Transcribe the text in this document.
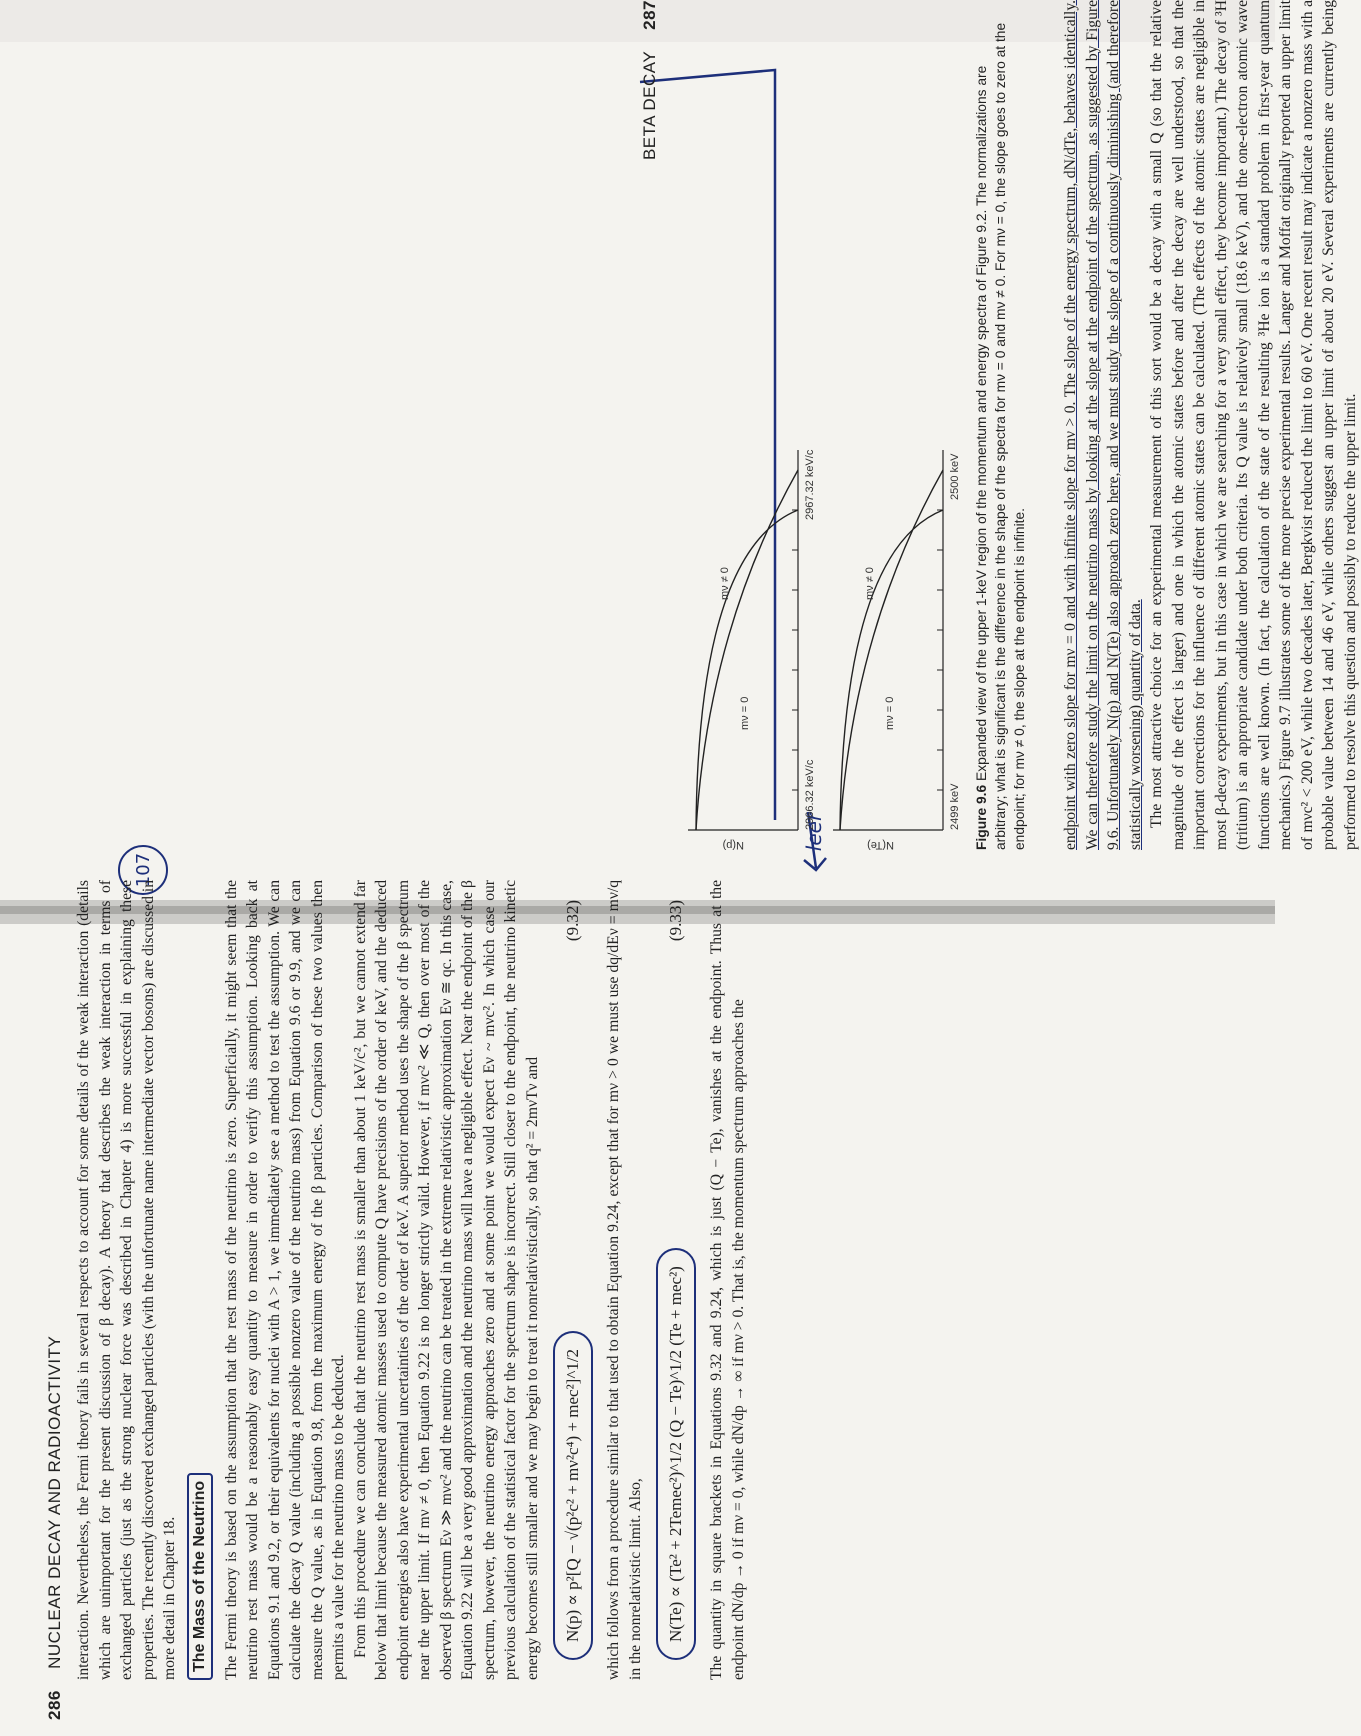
107
leer
286 NUCLEAR DECAY AND RADIOACTIVITY interaction. Nevertheless, the Fermi theory fails in several respects to account for some details of the weak interaction (details which are unimportant for the present discussion of β decay). A theory that describes the weak interaction in terms of exchanged particles (just as the strong nuclear force was described in Chapter 4) is more successful in explaining these properties. The recently discovered exchanged particles (with the unfortunate name intermediate vector bosons) are discussed in more detail in Chapter 18. The Mass of the Neutrino The Fermi theory is based on the assumption that the rest mass of the neutrino is zero. Superficially, it might seem that the neutrino rest mass would be a reasonably easy quantity to measure in order to verify this assumption. Looking back at Equations 9.1 and 9.2, or their equivalents for nuclei with A > 1, we immediately see a method to test the assumption. We can calculate the decay Q value (including a possible nonzero value of the neutrino mass) from Equation 9.6 or 9.9, and we can measure the Q value, as in Equation 9.8, from the maximum energy of the β particles. Comparison of these two values then permits a value for the neutrino mass to be deduced. From this procedure we can conclude that the neutrino rest mass is smaller than about 1 keV/c², but we cannot extend far below that limit because the measured atomic masses used to compute Q have precisions of the order of keV, and the deduced endpoint energies also have experimental uncertainties of the order of keV. A superior method uses the shape of the β spectrum near the upper limit. If mν ≠ 0, then Equation 9.22 is no longer strictly valid. However, if mνc² ≪ Q, then over most of the observed β spectrum Eν ≫ mνc² and the neutrino can be treated in the extreme relativistic approximation Eν ≅ qc. In this case, Equation 9.22 will be a very good approximation and the neutrino mass will have a negligible effect. Near the endpoint of the β spectrum, however, the neutrino energy approaches zero and at some point we would expect Eν ~ mνc². In which case our previous calculation of the statistical factor for the spectrum shape is incorrect. Still closer to the endpoint, the neutrino kinetic energy becomes still smaller and we may begin to treat it nonrelativistically, so that q² = 2mνTν and	N(p) ∝ p²[Q − √(p²c² + mν²c⁴) + mec²]^1/2
(9.32) which follows from a procedure similar to that used to obtain Equation 9.24, except that for mν > 0 we must use dq/dEν = mν/q in the nonrelativistic limit. Also,	N(Te) ∝ (Te² + 2Temec²)^1/2 (Q − Te)^1/2 (Te + mec²)
(9.33) The quantity in square brackets in Equations 9.32 and 9.24, which is just (Q − Te), vanishes at the endpoint. Thus at the endpoint dN/dp → 0 if mν = 0, while dN/dp → ∞ if mν > 0. That is, the momentum spectrum approaches the

BETA DECAY 287
N(p)
2966.32 keV/c
2967.32 keV/c
mν = 0
mν ≠ 0
N(Te)
2499 keV
2500 keV
mν = 0
mν ≠ 0
Figure 9.6 Expanded view of the upper 1-keV region of the momentum and energy spectra of Figure 9.2. The normalizations are arbitrary; what is significant is the difference in the shape of the spectra for mν = 0 and mν ≠ 0. For mν = 0, the slope goes to zero at the endpoint; for mν ≠ 0, the slope at the endpoint is infinite. endpoint with zero slope for mν = 0 and with infinite slope for mν > 0. The slope of the energy spectrum, dN/dTe, behaves identically. We can therefore study the limit on the neutrino mass by looking at the slope at the endpoint of the spectrum, as suggested by Figure 9.6. Unfortunately N(p) and N(Te) also approach zero here, and we must study the slope of a continuously diminishing (and therefore statistically worsening) quantity of data. The most attractive choice for an experimental measurement of this sort would be a decay with a small Q (so that the relative magnitude of the effect is larger) and one in which the atomic states before and after the decay are well understood, so that the important corrections for the influence of different atomic states can be calculated. (The effects of the atomic states are negligible in most β-decay experiments, but in this case in which we are searching for a very small effect, they become important.) The decay of ³H (tritium) is an appropriate candidate under both criteria. Its Q value is relatively small (18.6 keV), and the one-electron atomic wave functions are well known. (In fact, the calculation of the state of the resulting ³He ion is a standard problem in first-year quantum mechanics.) Figure 9.7 illustrates some of the more precise experimental results. Langer and Moffat originally reported an upper limit of mνc² < 200 eV, while two decades later, Bergkvist reduced the limit to 60 eV. One recent result may indicate a nonzero mass with a probable value between 14 and 46 eV, while others suggest an upper limit of about 20 eV. Several experiments are currently being performed to resolve this question and possibly to reduce the upper limit.
